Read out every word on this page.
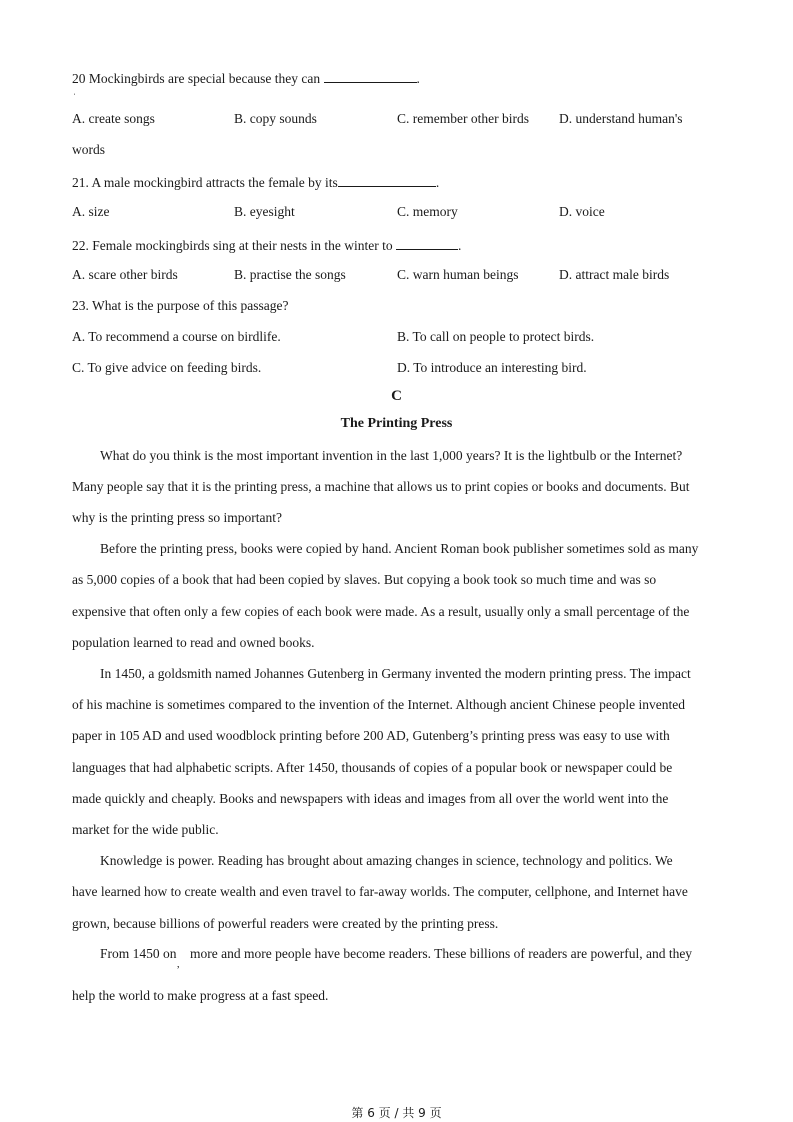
20 Mockingbirds are special because they can	.
ˌ
A. create songs	B. copy sounds	C. remember other birds D. understand human's
words
21. A male mockingbird attracts the female by its	.
A. size	B. eyesight	C. memory	D. voice
22. Female mockingbirds sing at their nests in the winter to	.
A. scare other birds	B. practise the songs	C. warn human beings	D. attract male birds
23. What is the purpose of this passage?
A. To recommend a course on birdlife.	B. To call on people to protect birds.
C. To give advice on feeding birds.	D. To introduce an interesting bird.
C
The Printing Press
What do you think is the most important invention in the last 1,000 years? It is the lightbulb or the Internet?
Many people say that it is the printing press, a machine that allows us to print copies or books and documents. But
why is the printing press so important?
Before the printing press, books were copied by hand. Ancient Roman book publisher sometimes sold as many
as 5,000 copies of a book that had been copied by slaves. But copying a book took so much time and was so
expensive that often only a few copies of each book were made. As a result, usually only a small percentage of the
population learned to read and owned books.
In 1450, a goldsmith named Johannes Gutenberg in Germany invented the modern printing press. The impact
of his machine is sometimes compared to the invention of the Internet. Although ancient Chinese people invented
paper in 105 AD and used woodblock printing before 200 AD, Gutenberg’s printing press was easy to use with
languages that had alphabetic scripts. After 1450, thousands of copies of a popular book or newspaper could be
made quickly and cheaply. Books and newspapers with ideas and images from all over the world went into the
market for the wide public.
Knowledge is power. Reading has brought about amazing changes in science, technology and politics. We
have learned how to create wealth and even travel to far-away worlds. The computer, cellphone, and Internet have
grown, because billions of powerful readers were created by the printing press.
From 1450 on $_,$ more and more people have become readers. These billions of readers are powerful, and they
help the world to make progress at a fast speed.
第 6 页 / 共 9 页
